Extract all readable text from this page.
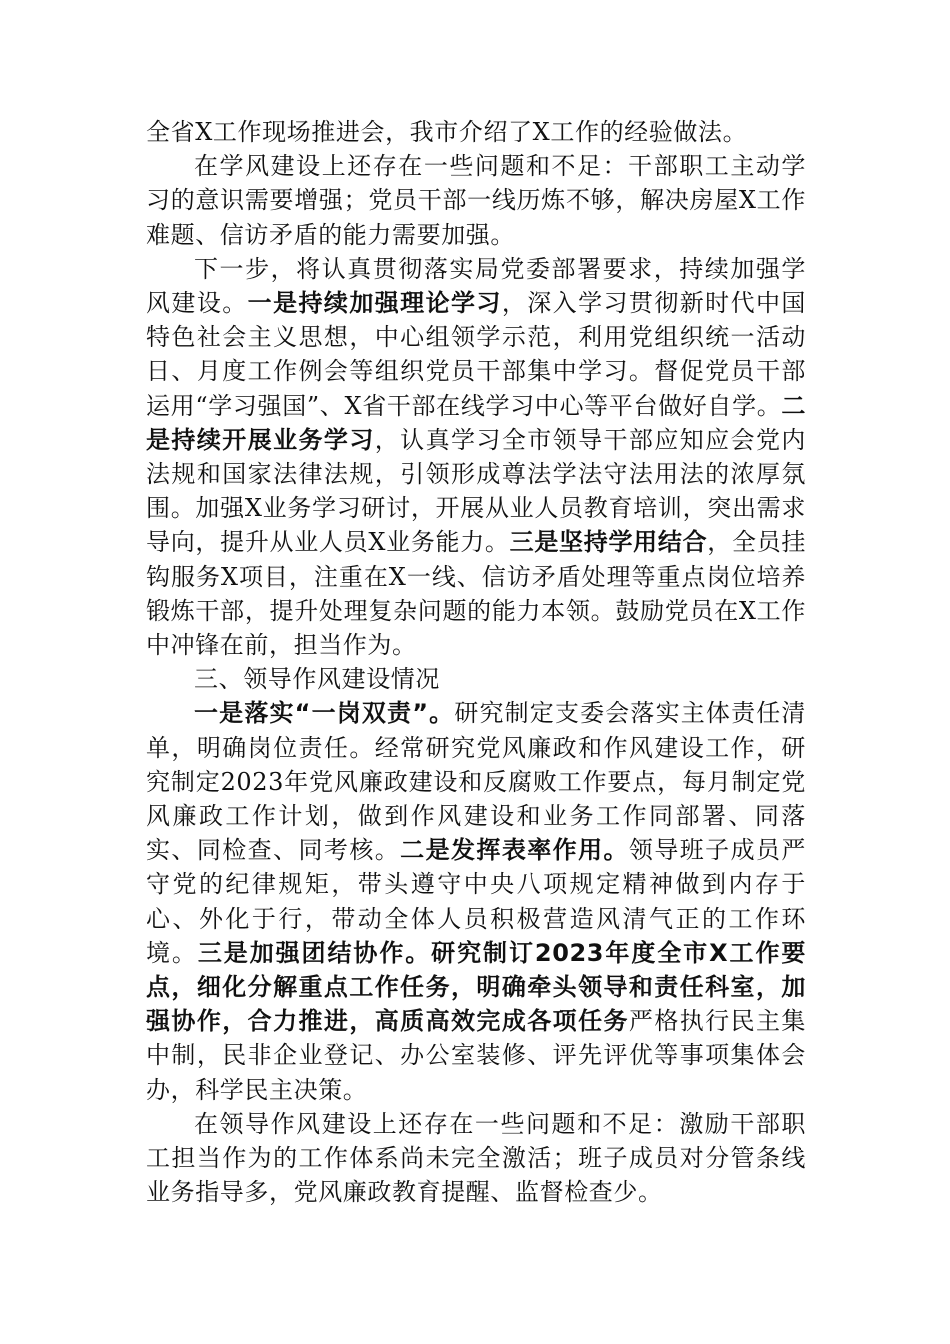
全省X工作现场推进会，我市介绍了X工作的经验做法。

在学风建设上还存在一些问题和不足：干部职工主动学习的意识需要增强；党员干部一线历炼不够，解决房屋X工作难题、信访矛盾的能力需要加强。

下一步，将认真贯彻落实局党委部署要求，持续加强学风建设。一是持续加强理论学习，深入学习贯彻新时代中国特色社会主义思想，中心组领学示范，利用党组织统一活动日、月度工作例会等组织党员干部集中学习。督促党员干部运用“学习强国”、X省干部在线学习中心等平台做好自学。二是持续开展业务学习，认真学习全市领导干部应知应会党内法规和国家法律法规，引领形成尊法学法守法用法的浓厚氛围。加强X业务学习研讨，开展从业人员教育培训，突出需求导向，提升从业人员X业务能力。三是坚持学用结合，全员挂钩服务X项目，注重在X一线、信访矛盾处理等重点岗位培养锻炼干部，提升处理复杂问题的能力本领。鼓励党员在X工作中冲锋在前，担当作为。

三、领导作风建设情况

一是落实“一岗双责”。研究制定支委会落实主体责任清单，明确岗位责任。经常研究党风廉政和作风建设工作，研究制定2023年党风廉政建设和反腐败工作要点，每月制定党风廉政工作计划，做到作风建设和业务工作同部署、同落实、同检查、同考核。二是发挥表率作用。领导班子成员严守党的纪律规矩，带头遵守中央八项规定精神做到内存于心、外化于行，带动全体人员积极营造风清气正的工作环境。三是加强团结协作。研究制订2023年度全市X工作要点，细化分解重点工作任务，明确牵头领导和责任科室，加强协作，合力推进，高质高效完成各项任务严格执行民主集中制，民非企业登记、办公室装修、评先评优等事项集体会办，科学民主决策。

在领导作风建设上还存在一些问题和不足：激励干部职工担当作为的工作体系尚未完全激活；班子成员对分管条线业务指导多，党风廉政教育提醒、监督检查少。
